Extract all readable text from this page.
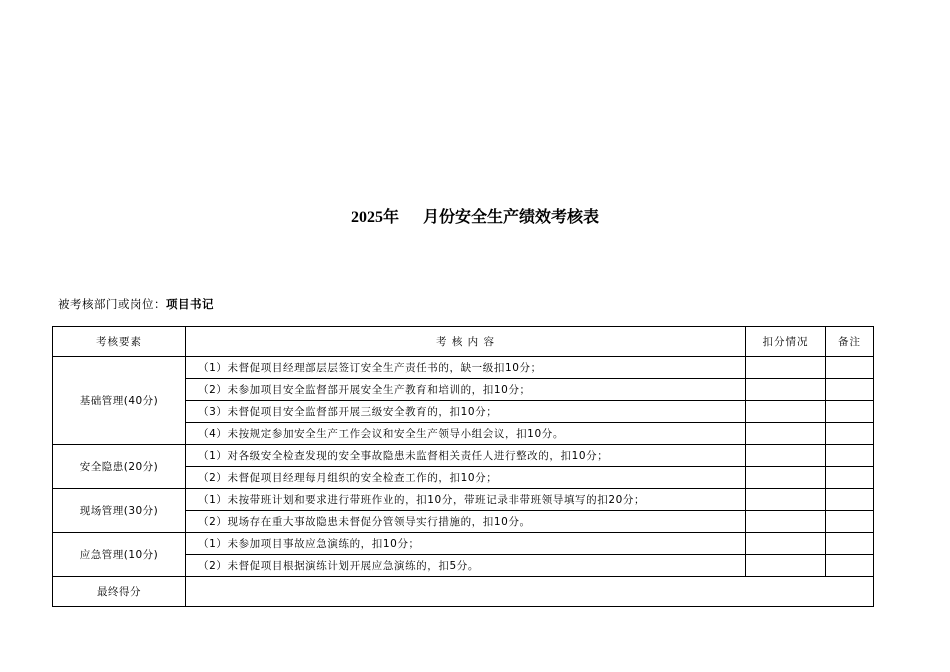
2025年      月份安全生产绩效考核表
被考核部门或岗位：项目书记
考核要素	考 核 内 容	扣分情况	备注
基础管理(40分)	（1）未督促项目经理部层层签订安全生产责任书的，缺一级扣10分；		
	（2）未参加项目安全监督部开展安全生产教育和培训的，扣10分；		
	（3）未督促项目安全监督部开展三级安全教育的，扣10分；		
	（4）未按规定参加安全生产工作会议和安全生产领导小组会议，扣10分。		
安全隐患(20分)	（1）对各级安全检查发现的安全事故隐患未监督相关责任人进行整改的，扣10分；		
	（2）未督促项目经理每月组织的安全检查工作的，扣10分；		
现场管理(30分)	（1）未按带班计划和要求进行带班作业的，扣10分，带班记录非带班领导填写的扣20分；		
	（2）现场存在重大事故隐患未督促分管领导实行措施的，扣10分。		
应急管理(10分)	（1）未参加项目事故应急演练的，扣10分；		
	（2）未督促项目根据演练计划开展应急演练的，扣5分。		
最终得分			
